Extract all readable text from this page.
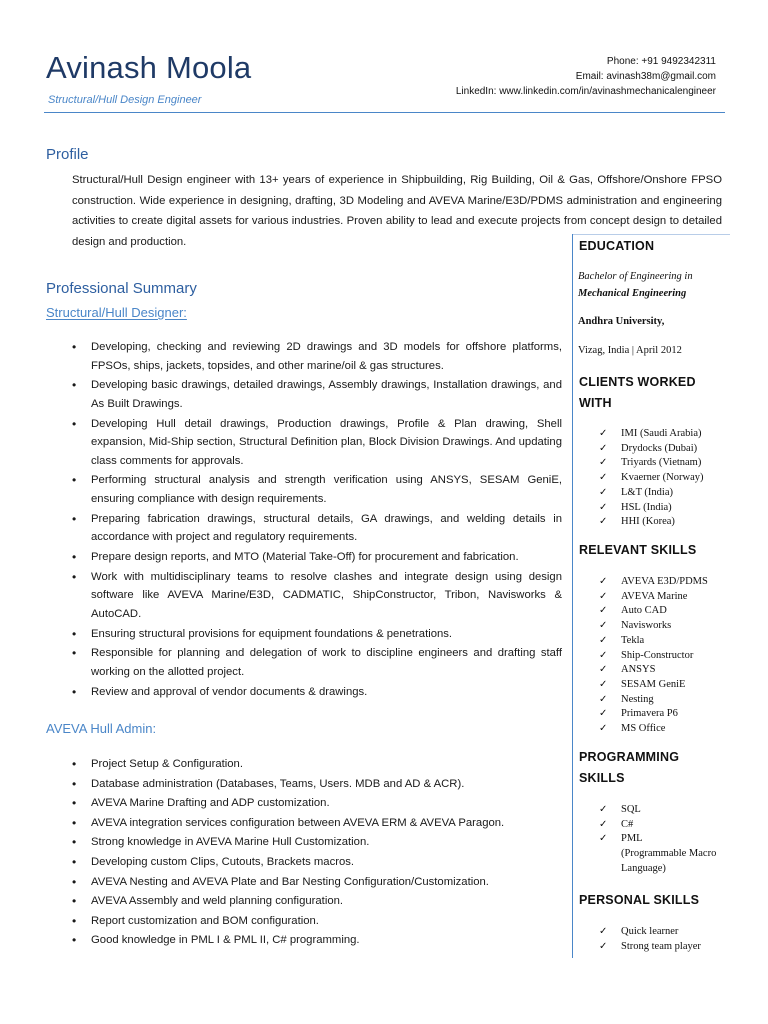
Avinash Moola
Structural/Hull Design Engineer
Phone: +91 9492342311
Email: avinash38m@gmail.com
LinkedIn: www.linkedin.com/in/avinashmechanicalengineer
Profile
Structural/Hull Design engineer with 13+ years of experience in Shipbuilding, Rig Building, Oil & Gas, Offshore/Onshore FPSO construction. Wide experience in designing, drafting, 3D Modeling and AVEVA Marine/E3D/PDMS administration and engineering activities to create digital assets for various industries. Proven ability to lead and execute projects from concept design to detailed design and production.
Professional Summary
Structural/Hull Designer:
• Developing, checking and reviewing 2D drawings and 3D models for offshore platforms, FPSOs, ships, jackets, topsides, and other marine/oil & gas structures.
• Developing basic drawings, detailed drawings, Assembly drawings, Installation drawings, and As Built Drawings.
• Developing Hull detail drawings, Production drawings, Profile & Plan drawing, Shell expansion, Mid-Ship section, Structural Definition plan, Block Division Drawings. And updating class comments for approvals.
• Performing structural analysis and strength verification using ANSYS, SESAM GeniE, ensuring compliance with design requirements.
• Preparing fabrication drawings, structural details, GA drawings, and welding details in accordance with project and regulatory requirements.
• Prepare design reports, and MTO (Material Take-Off) for procurement and fabrication.
• Work with multidisciplinary teams to resolve clashes and integrate design using design software like AVEVA Marine/E3D, CADMATIC, ShipConstructor, Tribon, Navisworks & AutoCAD.
• Ensuring structural provisions for equipment foundations & penetrations.
• Responsible for planning and delegation of work to discipline engineers and drafting staff working on the allotted project.
• Review and approval of vendor documents & drawings.
AVEVA Hull Admin:
• Project Setup & Configuration.
• Database administration (Databases, Teams, Users. MDB and AD & ACR).
• AVEVA Marine Drafting and ADP customization.
• AVEVA integration services configuration between AVEVA ERM & AVEVA Paragon.
• Strong knowledge in AVEVA Marine Hull Customization.
• Developing custom Clips, Cutouts, Brackets macros.
• AVEVA Nesting and AVEVA Plate and Bar Nesting Configuration/Customization.
• AVEVA Assembly and weld planning configuration.
• Report customization and BOM configuration.
• Good knowledge in PML I & PML II, C# programming.
EDUCATION
Bachelor of Engineering in
Mechanical Engineering
Andhra University,
Vizag, India | April 2012
CLIENTS WORKED
WITH
✓ IMI (Saudi Arabia)
✓ Drydocks (Dubai)
✓ Triyards (Vietnam)
✓ Kvaerner (Norway)
✓ L&T (India)
✓ HSL (India)
✓ HHI (Korea)
RELEVANT SKILLS
✓ AVEVA E3D/PDMS
✓ AVEVA Marine
✓ Auto CAD
✓ Navisworks
✓ Tekla
✓ Ship-Constructor
✓ ANSYS
✓ SESAM GeniE
✓ Nesting
✓ Primavera P6
✓ MS Office
PROGRAMMING
SKILLS
✓ SQL
✓ C#
✓ PML
(Programmable Macro
Language)
PERSONAL SKILLS
✓ Quick learner
✓ Strong team player
